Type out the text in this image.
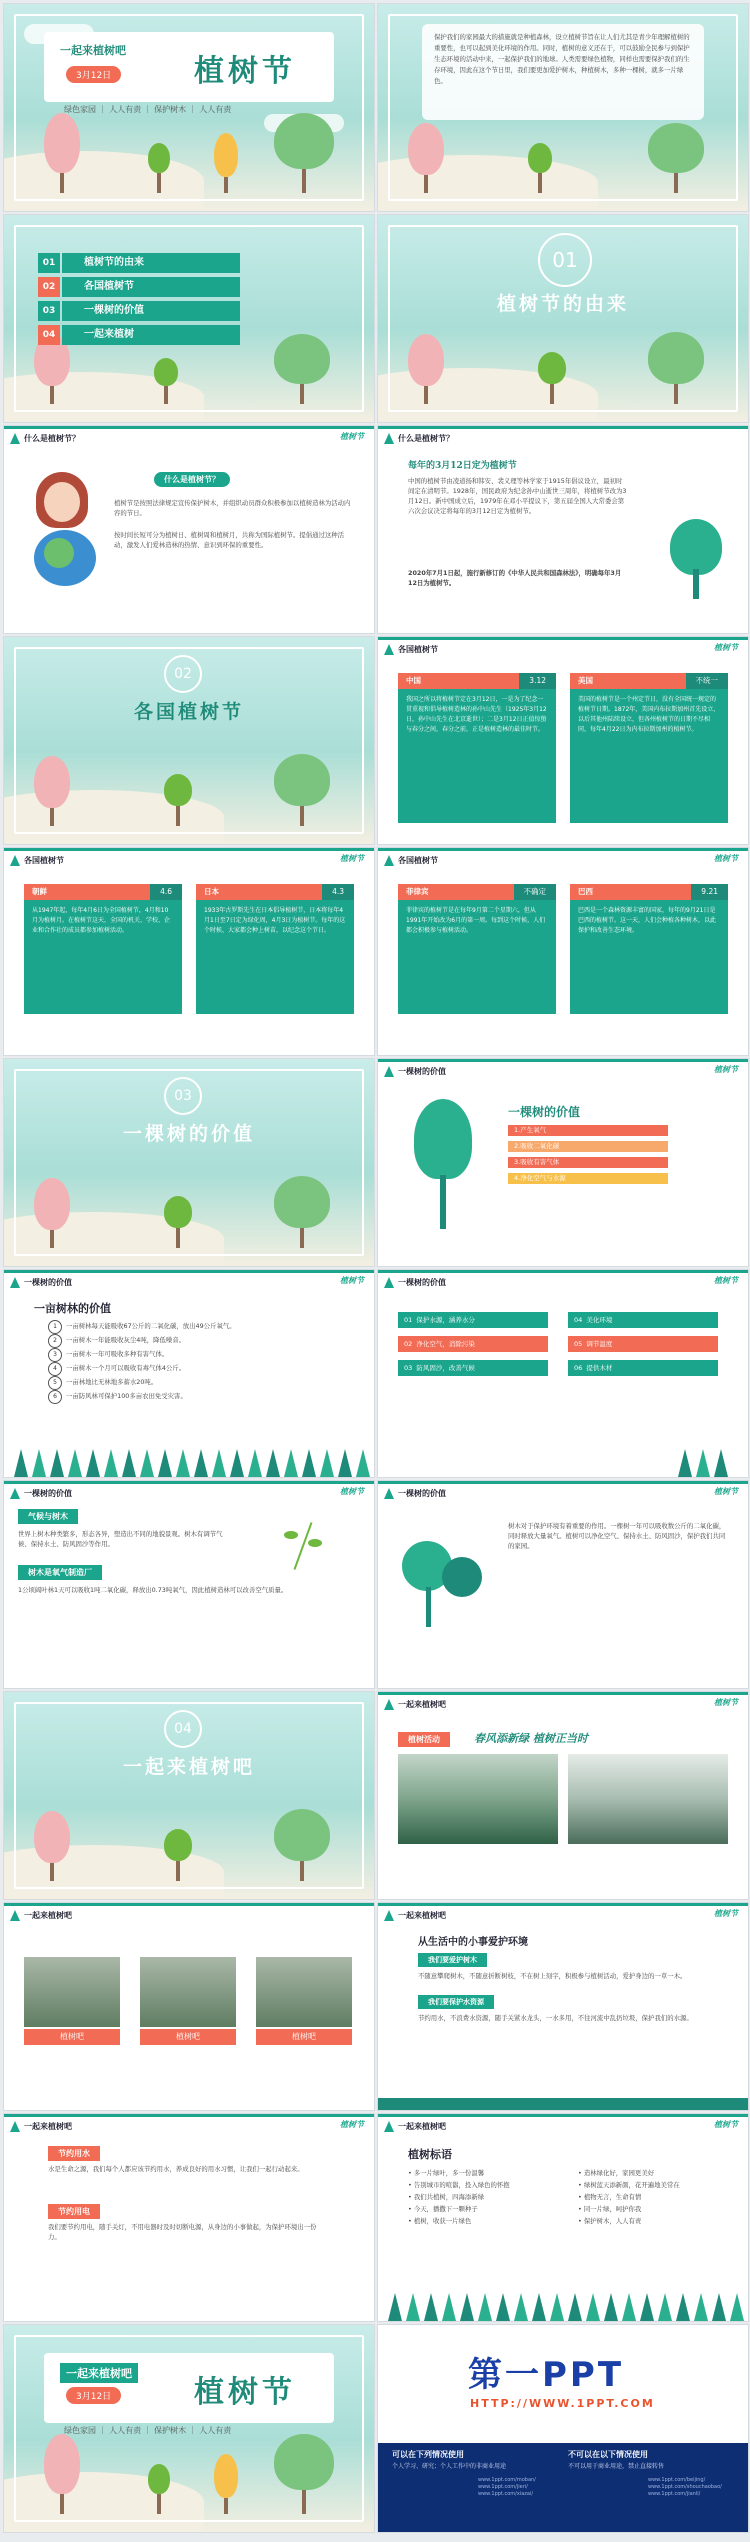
一起来植树吧
3月12日	植树节
绿色家园 ｜ 人人有责 ｜ 保护树木 ｜ 人人有责
保护我们的家园最大的措施就是种植森林，设立植树节旨在让人们尤其是青少年理解植树的重要性，也可以起到美化环境的作用。同时，植树的意义还在于，可以鼓励全民参与到保护生态环境的活动中来，一起保护我们的地球。人类需要绿色植物，同样也需要保护我们的生存环境，因此在这个节日里，我们要更加爱护树木，种植树木，多种一棵树，就多一片绿色。
01	植树节的由来
02	各国植树节
03	一棵树的价值
04	一起来植树
01
植树节的由来
什么是植树节？	植树节
什么是植树节？
植树节是按照法律规定宣传保护树木，并组织动员群众积极参加以植树造林为活动内容的节日。
按时间长短可分为植树日、植树周和植树月，共称为国际植树节。提倡通过这种活动，激发人们爱林造林的热情、意识到环保的重要性。
什么是植树节？
每年的3月12日定为植树节
中国的植树节由凌道扬和韩安、裴义理等林学家于1915年倡议设立，最初时间定在清明节。1928年，国民政府为纪念孙中山逝世三周年，将植树节改为3月12日。新中国成立后，1979年在邓小平提议下，第五届全国人大常委会第六次会议决定将每年的3月12日定为植树节。
2020年7月1日起，施行新修订的《中华人民共和国森林法》，明确每年3月12日为植树节。
02
各国植树节
各国植树节	植树节
中国	3.12
我国之所以将植树节定在3月12日，一是为了纪念一贯重视和倡导植树造林的孙中山先生（1925年3月12日，孙中山先生在北京逝世）；二是3月12日正值惊蛰与春分之间，春分之前，正是植树造林的最佳时节。
美国	不统一
美国的植树节是一个州定节日，没有全国统一规定的植树节日期。1872年，美国内布拉斯加州首先设立，以后其他州陆续设立，但各州植树节的日期不尽相同，每年4月22日为内布拉斯加州的植树节。
各国植树节	植树节
朝鲜	4.6
从1947年起，每年4月6日为全国植树节，4月和10月为植树月。在植树节这天，全国的机关、学校、企业和合作社的成员都参加植树活动。
日本	4.3
1933年古罗斯先生在日本倡导植树节，日本将每年4月1日至7日定为绿化周，4月3日为植树节。每年的这个时候，大家都会种上树苗，以纪念这个节日。
各国植树节	植树节
菲律宾	不确定
菲律宾的植树节是在每年9月第二个星期六，但从1991年开始改为6月的第一周。每到这个时候，人们都会积极参与植树活动。
巴西	9.21
巴西是一个森林资源丰富的国家，每年的9月21日是巴西的植树节。这一天，人们会种植各种树木，以此保护和改善生态环境。
03
一棵树的价值
一棵树的价值	植树节
一棵树的价值
1.产生氧气
2.吸收二氧化碳
3.吸收有害气体
4.净化空气与水源
一棵树的价值	植树节
一亩树林的价值
1	一亩树林每天能吸收67公斤的二氧化碳，放出49公斤氧气。
2	一亩树木一年能吸收灰尘4吨，降低噪音。
3	一亩树木一年可吸收多种有害气体。
4	一亩树木一个月可以吸收有毒气体4公斤。
5	一亩林地比无林地多蓄水20吨。
6	一亩防风林可保护100多亩农田免受灾害。
一棵树的价值	植树节
01 保护水源，涵养水分
02 净化空气，消除污染
03 防风固沙，改善气候
04 美化环境
05 调节温度
06 提供木材
一棵树的价值	植树节
气候与树木
世界上树木种类繁多，形态各异，塑造出不同的地貌景观。树木有调节气候、保持水土、防风固沙等作用。
树木是氧气制造厂
1公顷阔叶林1天可以吸收1吨二氧化碳，释放出0.73吨氧气，因此植树造林可以改善空气质量。
一棵树的价值	植树节
树木对于保护环境有着重要的作用。一棵树一年可以吸收数公斤的二氧化碳，同时释放大量氧气。植树可以净化空气、保持水土、防风固沙，保护我们共同的家园。
04
一起来植树吧
一起来植树吧	植树节
植树活动	春风添新绿 植树正当时
一起来植树吧
植树吧	植树吧	植树吧
一起来植树吧	植树节
从生活中的小事爱护环境
我们要爱护树木
不随意攀爬树木，不随意折断树枝，不在树上刻字，积极参与植树活动，爱护身边的一草一木。
我们要保护水资源
节约用水，不浪费水资源，随手关紧水龙头，一水多用，不往河流中乱扔垃圾，保护我们的水源。
一起来植树吧	植树节
节约用水
水是生命之源，我们每个人都应该节约用水，养成良好的用水习惯，让我们一起行动起来。
节约用电
我们要节约用电，随手关灯，不用电器时及时切断电源，从身边的小事做起，为保护环境出一份力。
一起来植树吧	植树节
植树标语
• 多一片绿叶，多一份温馨
• 告别城市的喧嚣，投入绿色的怀抱
• 我们共植树，四海添新绿
• 今天，播撒下一颗种子
• 植树，收获一片绿色
• 造林绿化好，家园更美好
• 绿树蓝天添新颜，花开遍地美常在
• 植物无言，生命有情
• 同一片绿，呵护你我
• 保护树木，人人有责
一起来植树吧
3月12日	植树节
绿色家园 ｜ 人人有责 ｜ 保护树木 ｜ 人人有责
第一PPT
HTTP://WWW.1PPT.COM
可以在下列情况使用
个人学习、研究；个人工作中的非商业用途
不可以在以下情况使用
不可以用于商业用途，禁止直接转售
www.1ppt.com/moban/
www.1ppt.com/jieri/
www.1ppt.com/xiazai/
www.1ppt.com/beijing/
www.1ppt.com/shouchaobao/
www.1ppt.com/jianli/
